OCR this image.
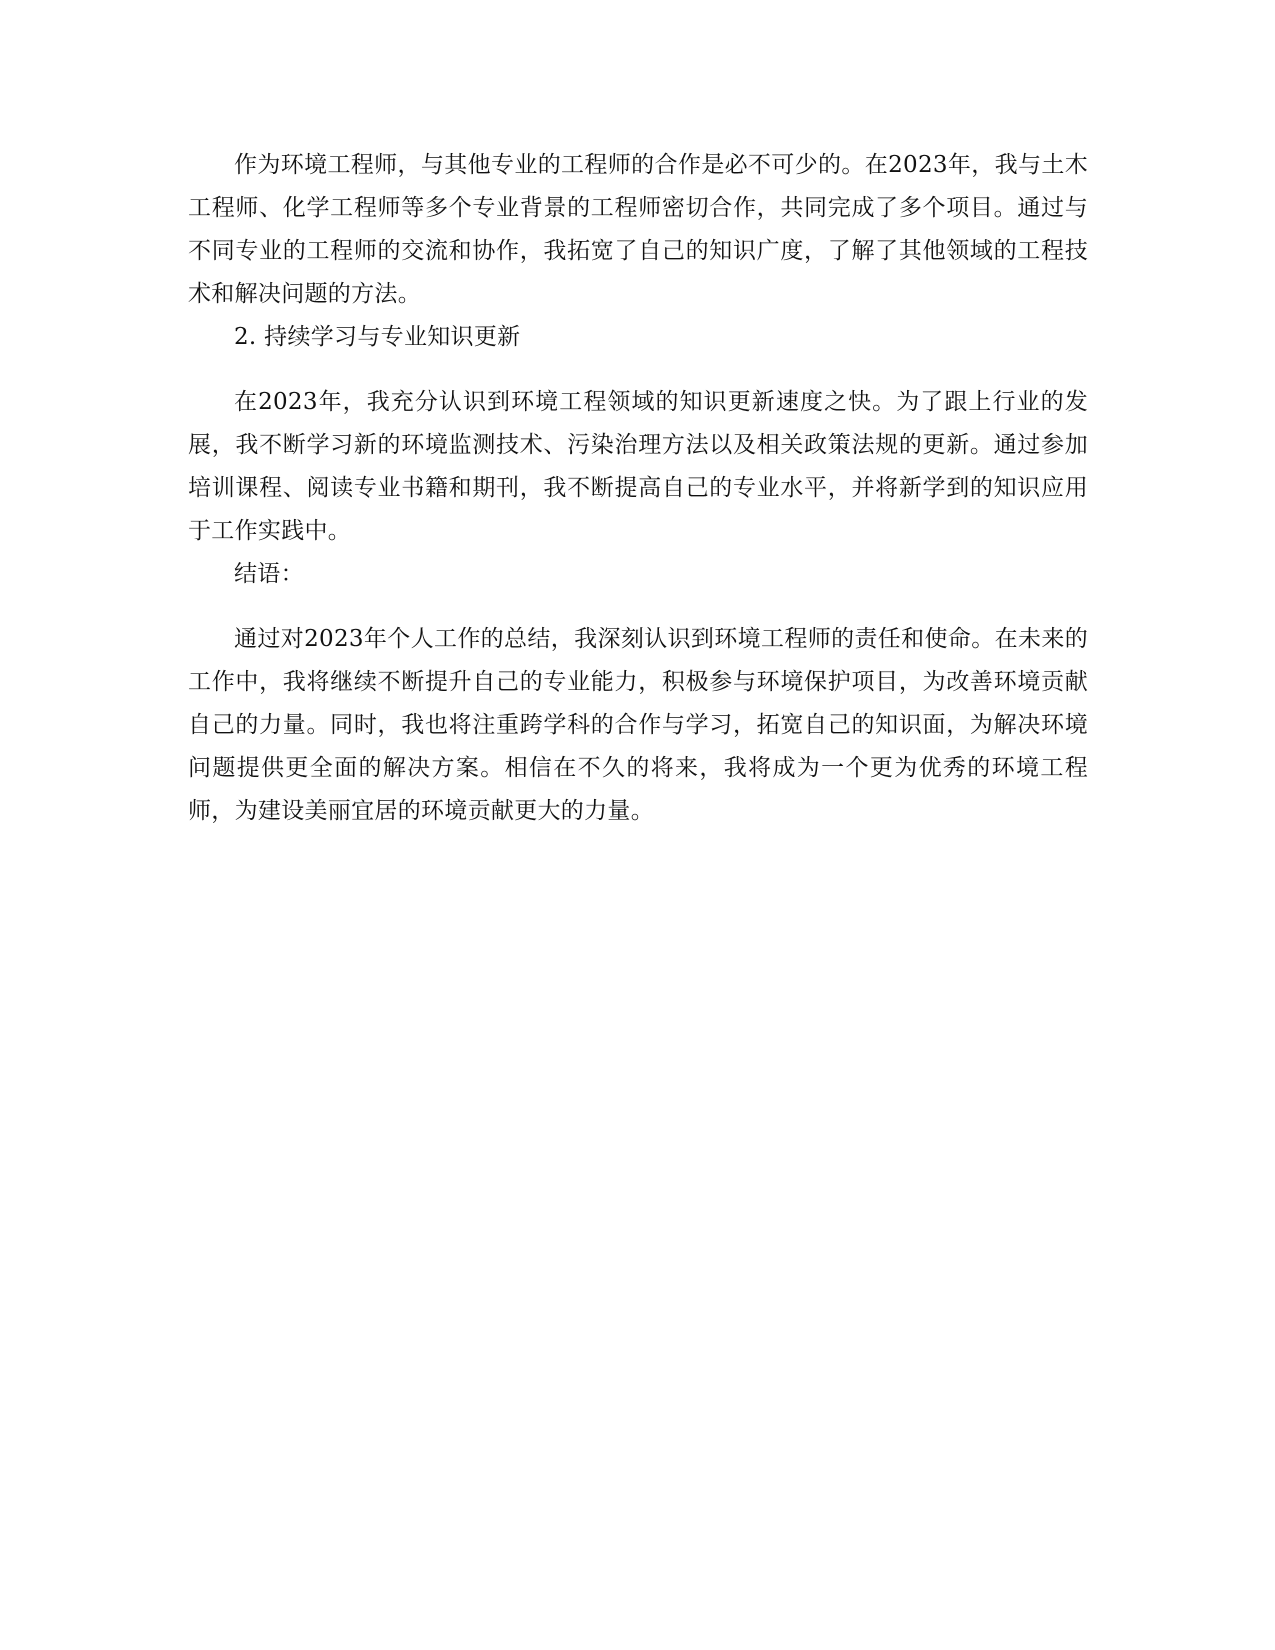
作为环境工程师，与其他专业的工程师的合作是必不可少的。在2023年，我与土木工程师、化学工程师等多个专业背景的工程师密切合作，共同完成了多个项目。通过与不同专业的工程师的交流和协作，我拓宽了自己的知识广度，了解了其他领域的工程技术和解决问题的方法。

2. 持续学习与专业知识更新

在2023年，我充分认识到环境工程领域的知识更新速度之快。为了跟上行业的发展，我不断学习新的环境监测技术、污染治理方法以及相关政策法规的更新。通过参加培训课程、阅读专业书籍和期刊，我不断提高自己的专业水平，并将新学到的知识应用于工作实践中。

结语：

通过对2023年个人工作的总结，我深刻认识到环境工程师的责任和使命。在未来的工作中，我将继续不断提升自己的专业能力，积极参与环境保护项目，为改善环境贡献自己的力量。同时，我也将注重跨学科的合作与学习，拓宽自己的知识面，为解决环境问题提供更全面的解决方案。相信在不久的将来，我将成为一个更为优秀的环境工程师，为建设美丽宜居的环境贡献更大的力量。
